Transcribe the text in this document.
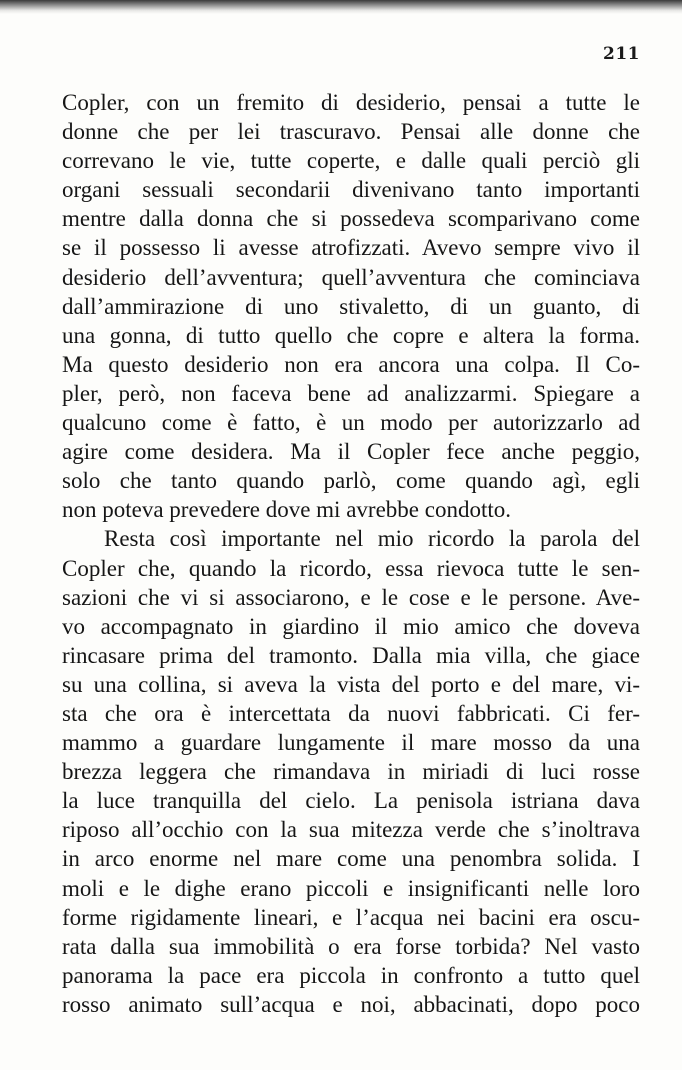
211
Copler, con un fremito di desiderio, pensai a tutte le
donne che per lei trascuravo. Pensai alle donne che
correvano le vie, tutte coperte, e dalle quali perciò gli
organi sessuali secondarii divenivano tanto importanti
mentre dalla donna che si possedeva scomparivano come
se il possesso li avesse atrofizzati. Avevo sempre vivo il
desiderio dell’avventura; quell’avventura che cominciava
dall’ammirazione di uno stivaletto, di un guanto, di
una gonna, di tutto quello che copre e altera la forma.
Ma questo desiderio non era ancora una colpa. Il Co-
pler, però, non faceva bene ad analizzarmi. Spiegare a
qualcuno come è fatto, è un modo per autorizzarlo ad
agire come desidera. Ma il Copler fece anche peggio,
solo che tanto quando parlò, come quando agì, egli
non poteva prevedere dove mi avrebbe condotto.
Resta così importante nel mio ricordo la parola del
Copler che, quando la ricordo, essa rievoca tutte le sen-
sazioni che vi si associarono, e le cose e le persone. Ave-
vo accompagnato in giardino il mio amico che doveva
rincasare prima del tramonto. Dalla mia villa, che giace
su una collina, si aveva la vista del porto e del mare, vi-
sta che ora è intercettata da nuovi fabbricati. Ci fer-
mammo a guardare lungamente il mare mosso da una
brezza leggera che rimandava in miriadi di luci rosse
la luce tranquilla del cielo. La penisola istriana dava
riposo all’occhio con la sua mitezza verde che s’inoltrava
in arco enorme nel mare come una penombra solida. I
moli e le dighe erano piccoli e insignificanti nelle loro
forme rigidamente lineari, e l’acqua nei bacini era oscu-
rata dalla sua immobilità o era forse torbida? Nel vasto
panorama la pace era piccola in confronto a tutto quel
rosso animato sull’acqua e noi, abbacinati, dopo poco
